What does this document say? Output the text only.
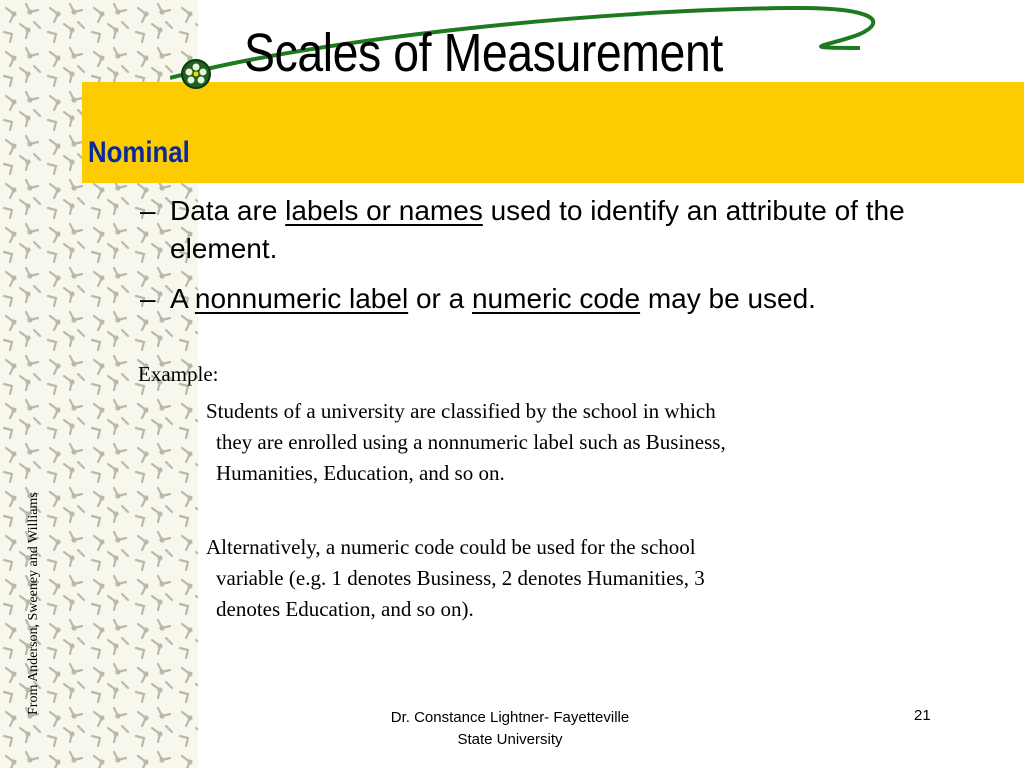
Scales of Measurement
Nominal
– Data are labels or names used to identify an attribute of the element.
– A nonnumeric label or a numeric code may be used.
Example:
Students of a university are classified by the school in which
they are enrolled using a nonnumeric label such as Business,
Humanities, Education, and so on.
Alternatively, a numeric code could be used for the school
variable (e.g. 1 denotes Business, 2 denotes Humanities, 3
denotes Education, and so on).
From Anderson, Sweeney and Williams
Dr. Constance Lightner- Fayetteville
State University
21
